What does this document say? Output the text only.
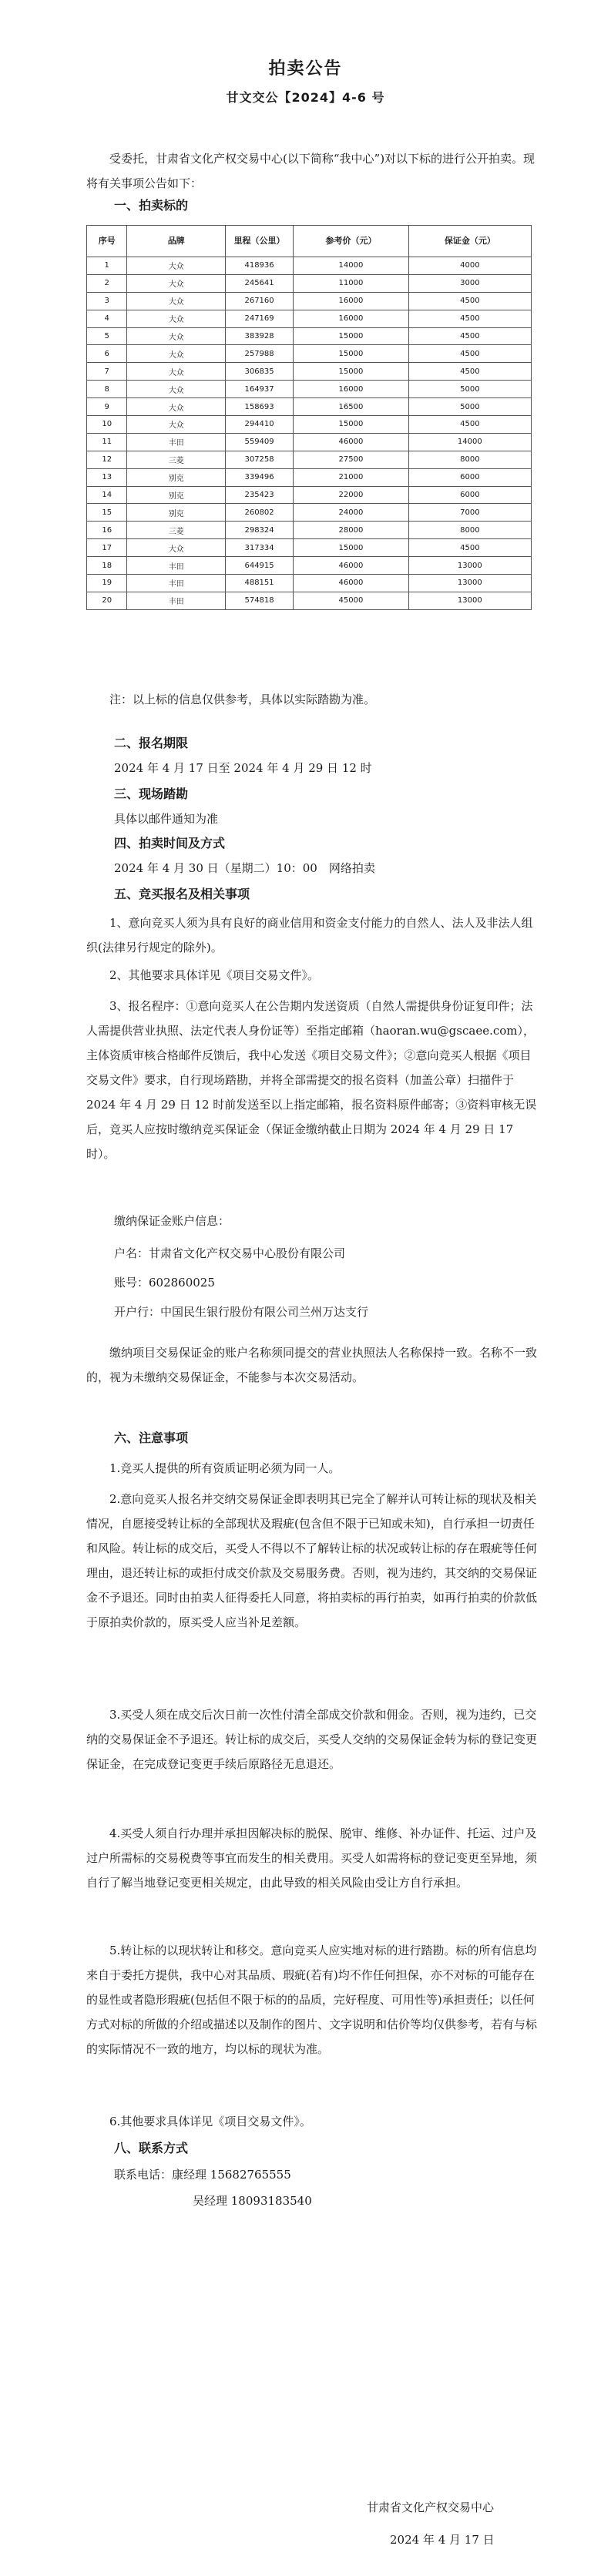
拍卖公告
甘文交公【2024】4-6 号

受委托，甘肃省文化产权交易中心(以下简称“我中心”)对以下标的进行公开拍卖。现将有关事项公告如下：

一、拍卖标的
序号	品牌	里程（公里）	参考价（元）	保证金（元）
1	大众	418936	14000	4000
2	大众	245641	11000	3000
3	大众	267160	16000	4500
4	大众	247169	16000	4500
5	大众	383928	15000	4500
6	大众	257988	15000	4500
7	大众	306835	15000	4500
8	大众	164937	16000	5000
9	大众	158693	16500	5000
10	大众	294410	15000	4500
11	丰田	559409	46000	14000
12	三菱	307258	27500	8000
13	别克	339496	21000	6000
14	别克	235423	22000	6000
15	别克	260802	24000	7000
16	三菱	298324	28000	8000
17	大众	317334	15000	4500
18	丰田	644915	46000	13000
19	丰田	488151	46000	13000
20	丰田	574818	45000	13000

注：以上标的信息仅供参考，具体以实际踏勘为准。

二、报名期限
2024 年 4 月 17 日至 2024 年 4 月 29 日 12 时
三、现场踏勘
具体以邮件通知为准
四、拍卖时间及方式
2024 年 4 月 30 日（星期二）10：00　网络拍卖
五、竞买报名及相关事项

1、意向竞买人须为具有良好的商业信用和资金支付能力的自然人、法人及非法人组织(法律另行规定的除外)。

2、其他要求具体详见《项目交易文件》。

3、报名程序：①意向竞买人在公告期内发送资质（自然人需提供身份证复印件；法人需提供营业执照、法定代表人身份证等）至指定邮箱（haoran.wu@gscaee.com），主体资质审核合格邮件反馈后，我中心发送《项目交易文件》；②意向竞买人根据《项目交易文件》要求，自行现场踏勘，并将全部需提交的报名资料（加盖公章）扫描件于 2024 年 4 月 29 日 12 时前发送至以上指定邮箱，报名资料原件邮寄；③资料审核无误后，竞买人应按时缴纳竞买保证金（保证金缴纳截止日期为 2024 年 4 月 29 日 17 时）。

缴纳保证金账户信息：
户名：甘肃省文化产权交易中心股份有限公司
账号：602860025
开户行：中国民生银行股份有限公司兰州万达支行

缴纳项目交易保证金的账户名称须同提交的营业执照法人名称保持一致。名称不一致的，视为未缴纳交易保证金，不能参与本次交易活动。

六、注意事项

1.竞买人提供的所有资质证明必须为同一人。

2.意向竞买人报名并交纳交易保证金即表明其已完全了解并认可转让标的现状及相关情况，自愿接受转让标的全部现状及瑕疵(包含但不限于已知或未知)，自行承担一切责任和风险。转让标的成交后，买受人不得以不了解转让标的状况或转让标的存在瑕疵等任何理由，退还转让标的或拒付成交价款及交易服务费。否则，视为违约，其交纳的交易保证金不予退还。同时由拍卖人征得委托人同意，将拍卖标的再行拍卖，如再行拍卖的价款低于原拍卖价款的，原买受人应当补足差额。

3.买受人须在成交后次日前一次性付清全部成交价款和佣金。否则，视为违约，已交纳的交易保证金不予退还。转让标的成交后，买受人交纳的交易保证金转为标的登记变更保证金，在完成登记变更手续后原路径无息退还。

4.买受人须自行办理并承担因解决标的脱保、脱审、维修、补办证件、托运、过户及过户所需标的交易税费等事宜而发生的相关费用。买受人如需将标的登记变更至异地，须自行了解当地登记变更相关规定，由此导致的相关风险由受让方自行承担。

5.转让标的以现状转让和移交。意向竞买人应实地对标的进行踏勘。标的所有信息均来自于委托方提供，我中心对其品质、瑕疵(若有)均不作任何担保，亦不对标的可能存在的显性或者隐形瑕疵(包括但不限于标的的品质，完好程度、可用性等)承担责任；以任何方式对标的所做的介绍或描述以及制作的图片、文字说明和估价等均仅供参考，若有与标的实际情况不一致的地方，均以标的现状为准。

6.其他要求具体详见《项目交易文件》。

八、联系方式
联系电话：康经理 15682765555
吴经理 18093183540
甘肃省文化产权交易中心
2024 年 4 月 17 日
